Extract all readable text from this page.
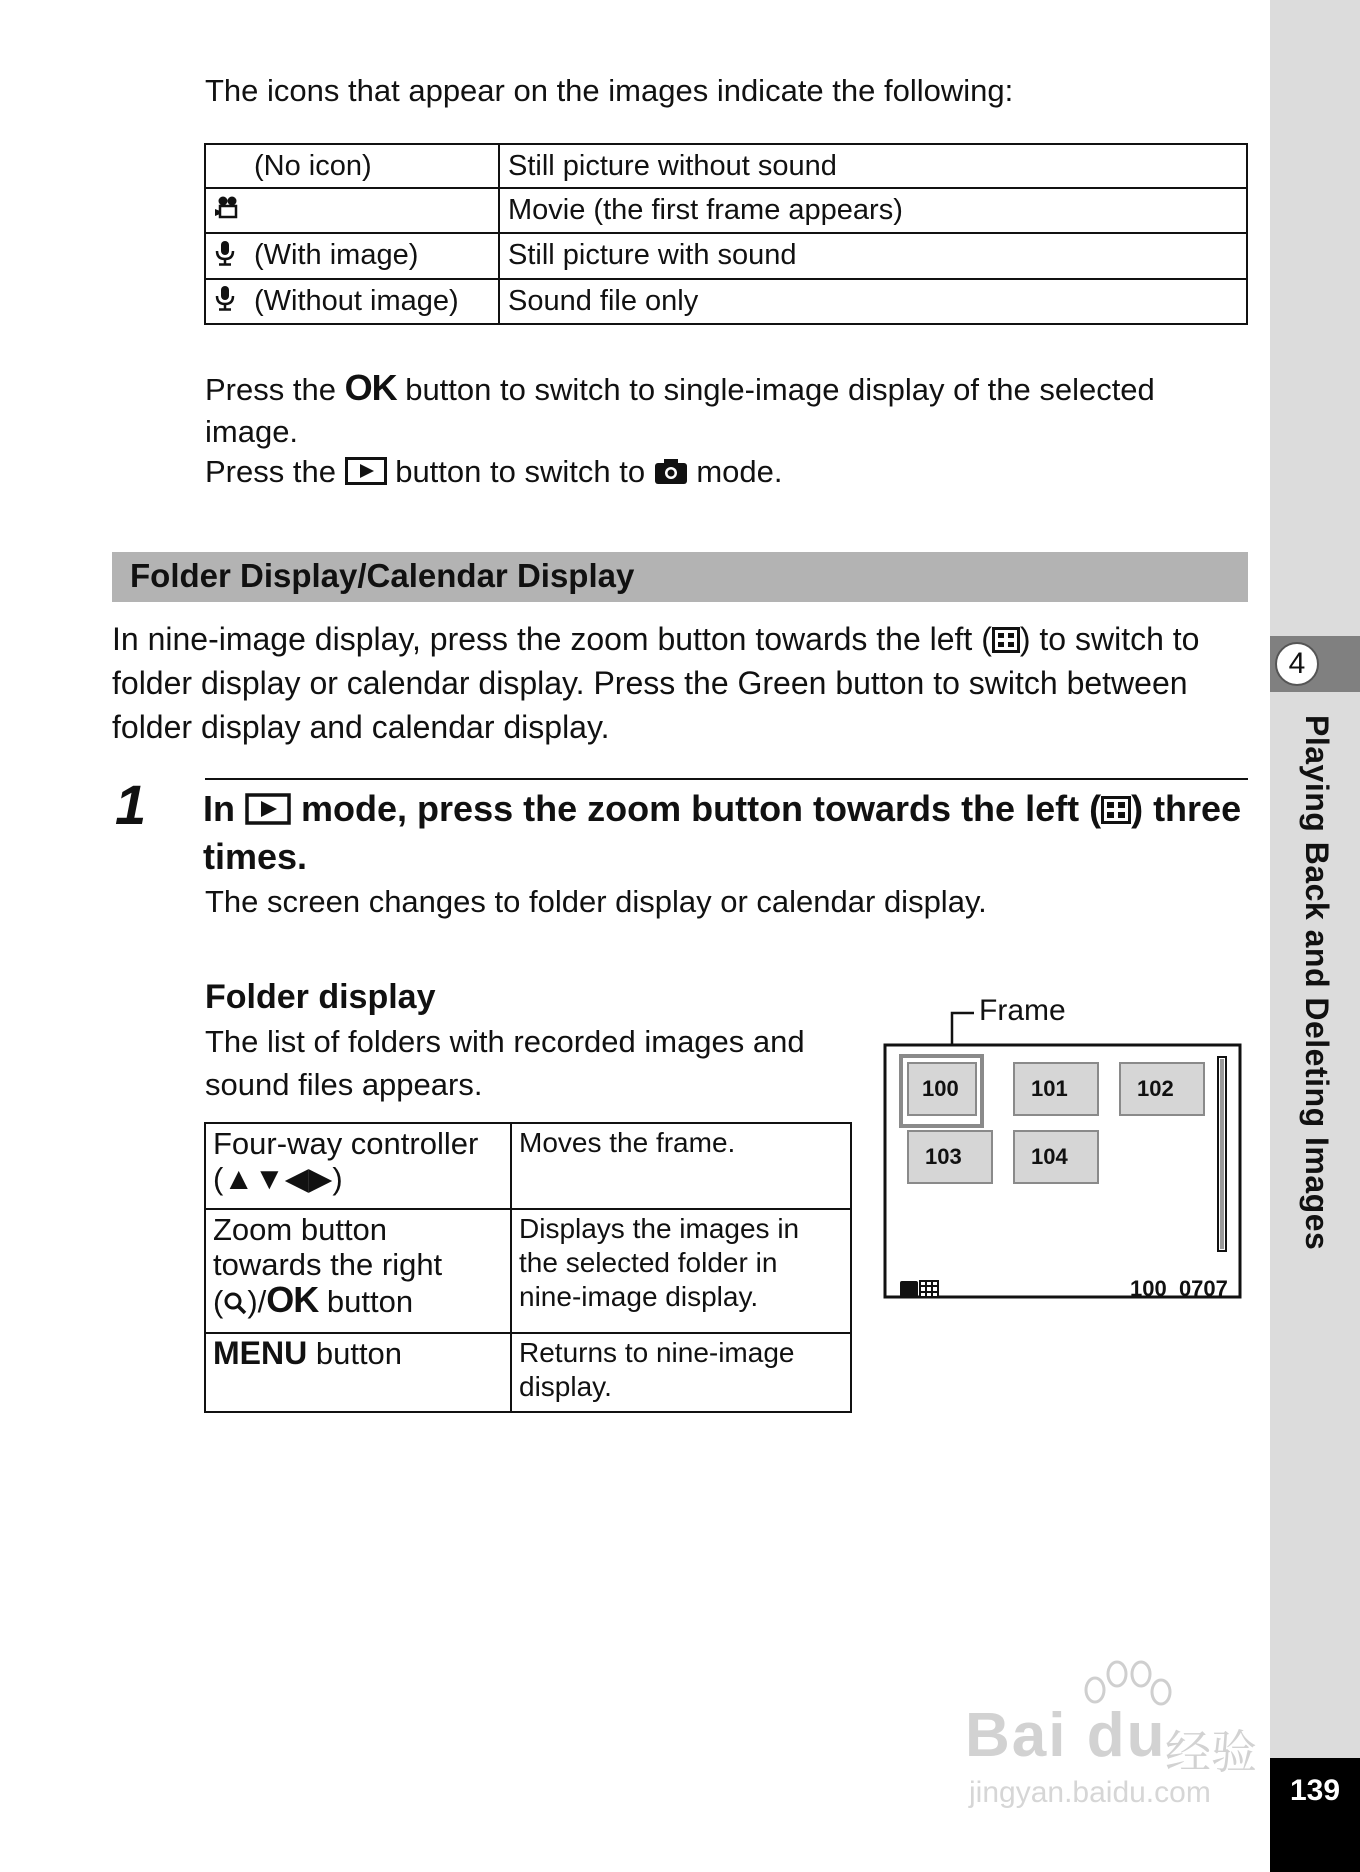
4
Playing Back and Deleting Images
139
Bai du
经验
jingyan.baidu.com
The icons that appear on the images indicate the following:
(No icon)	Still picture without sound
	Movie (the first frame appears)
(With image)	Still picture with sound
(Without image)	Sound file only
Press the OK button to switch to single-image display of the selected image.
Press the button to switch to mode.
Folder Display/Calendar Display
In nine-image display, press the zoom button towards the left ( ) to switch to folder display or calendar display. Press the Green button to switch between folder display and calendar display.
1 In mode, press the zoom button towards the left ( ) three times.
The screen changes to folder display or calendar display.
Folder display
The list of folders with recorded images and sound files appears.
Four-way controller
(▲▼◀▶)	Moves the frame.

Zoom button towards the right
( )/OK button	Displays the images in the selected folder in nine-image display.
MENU button	Returns to nine-image display.
Frame
100	101	102
103	104
100_0707
